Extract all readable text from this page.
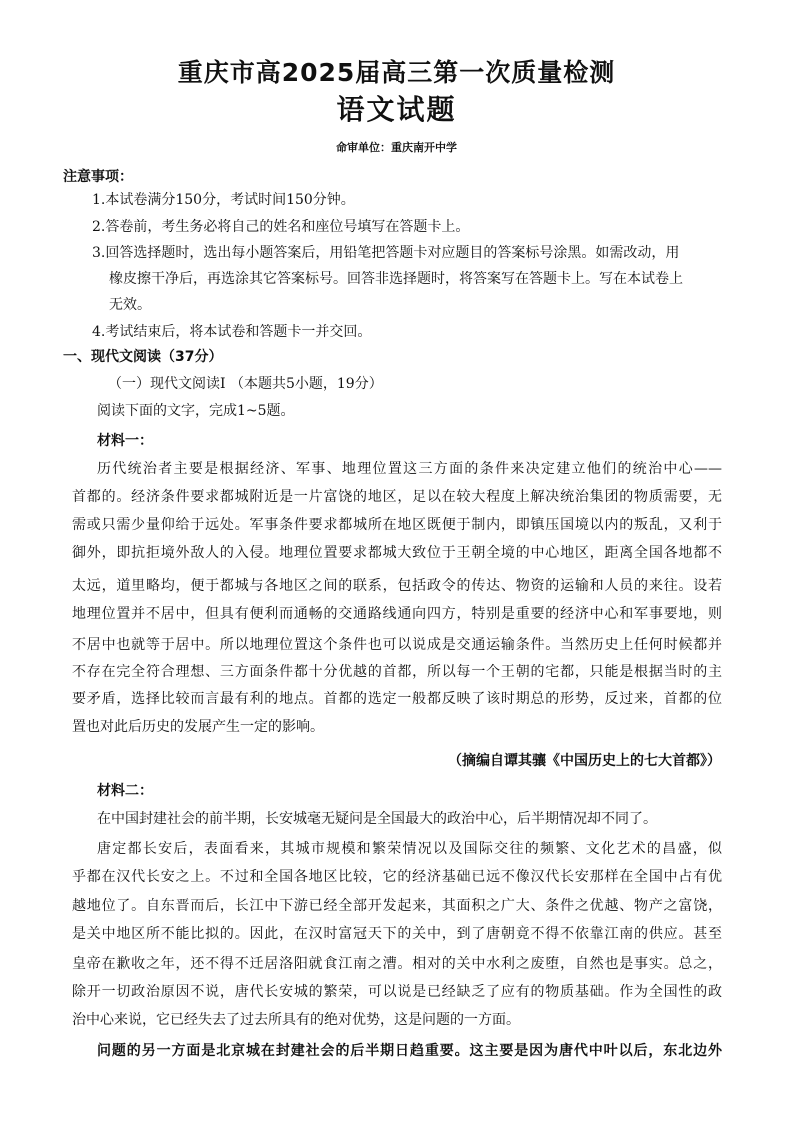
重庆市高2025届高三第一次质量检测
语文试题
命审单位：重庆南开中学
注意事项：
1.本试卷满分150分，考试时间150分钟。
2.答卷前，考生务必将自己的姓名和座位号填写在答题卡上。
3.回答选择题时，选出每小题答案后，用铅笔把答题卡对应题目的答案标号涂黑。如需改动，用
橡皮擦干净后，再选涂其它答案标号。回答非选择题时，将答案写在答题卡上。写在本试卷上
无效。
4.考试结束后，将本试卷和答题卡一并交回。
一、现代文阅读（37分）
（一）现代文阅读I （本题共5小题，19分）
阅读下面的文字，完成1~5题。
材料一：
历代统治者主要是根据经济、军事、地理位置这三方面的条件来决定建立他们的统治中心——
首都的。经济条件要求都城附近是一片富饶的地区，足以在较大程度上解决统治集团的物质需要，无
需或只需少量仰给于远处。军事条件要求都城所在地区既便于制内，即镇压国境以内的叛乱，又利于
御外，即抗拒境外敌人的入侵。地理位置要求都城大致位于王朝全境的中心地区，距离全国各地都不
太远，道里略均，便于都城与各地区之间的联系，包括政令的传达、物资的运输和人员的来往。设若
地理位置并不居中，但具有便利而通畅的交通路线通向四方，特别是重要的经济中心和军事要地，则
不居中也就等于居中。所以地理位置这个条件也可以说成是交通运输条件。当然历史上任何时候都并
不存在完全符合理想、三方面条件都十分优越的首都，所以每一个王朝的宅都，只能是根据当时的主
要矛盾，选择比较而言最有利的地点。首都的选定一般都反映了该时期总的形势，反过来，首都的位
置也对此后历史的发展产生一定的影响。
（摘编自谭其骧《中国历史上的七大首都》）
材料二：
在中国封建社会的前半期，长安城毫无疑问是全国最大的政治中心，后半期情况却不同了。
唐定都长安后，表面看来，其城市规模和繁荣情况以及国际交往的频繁、文化艺术的昌盛，似
乎都在汉代长安之上。不过和全国各地区比较，它的经济基础已远不像汉代长安那样在全国中占有优
越地位了。自东晋而后，长江中下游已经全部开发起来，其面积之广大、条件之优越、物产之富饶，
是关中地区所不能比拟的。因此，在汉时富冠天下的关中，到了唐朝竟不得不依靠江南的供应。甚至
皇帝在歉收之年，还不得不迁居洛阳就食江南之漕。相对的关中水利之废堕，自然也是事实。总之，
除开一切政治原因不说，唐代长安城的繁荣，可以说是已经缺乏了应有的物质基础。作为全国性的政
治中心来说，它已经失去了过去所具有的绝对优势，这是问题的一方面。
问题的另一方面是北京城在封建社会的后半期日趋重要。这主要是因为唐代中叶以后，东北边外
